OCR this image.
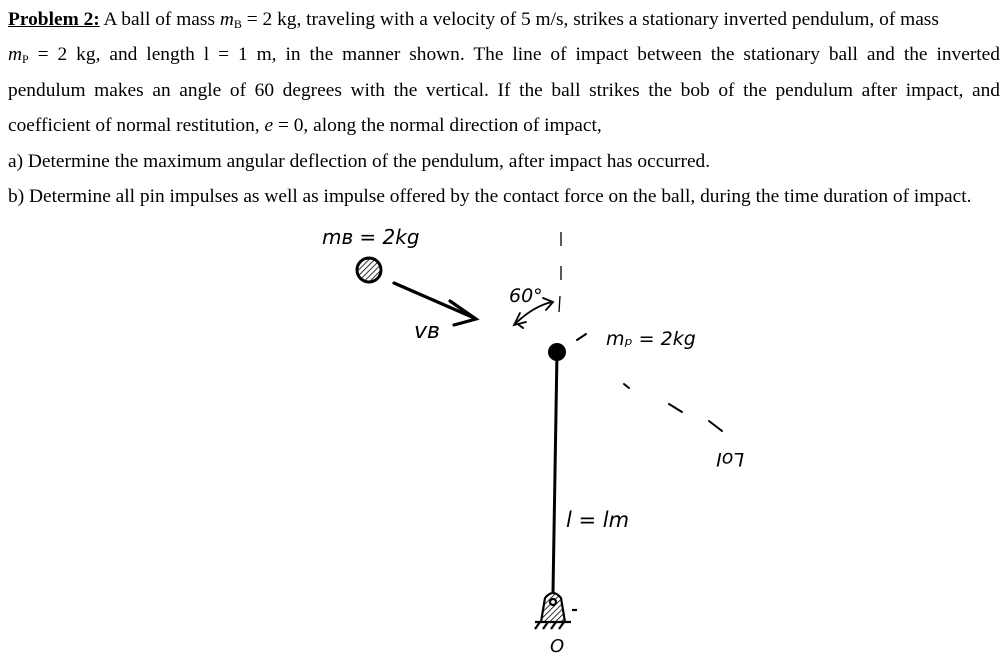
Problem 2: A ball of mass $m_B = 2$ kg, traveling with a velocity of 5 m/s, strikes a stationary inverted pendulum, of mass
$m_P = 2$ kg, and length l = 1 m, in the manner shown. The line of impact between the stationary ball and the inverted
pendulum makes an angle of 60 degrees with the vertical. If the ball strikes the bob of the pendulum after impact, and
coefficient of normal restitution, e = 0, along the normal direction of impact,
a) Determine the maximum angular deflection of the pendulum, after impact has occurred.
b) Determine all pin impulses as well as impulse offered by the contact force on the ball, during the time duration of impact.
mʙ = 2kg
vʙ
60°
LoI
mₚ = 2kg
l = lm
O
